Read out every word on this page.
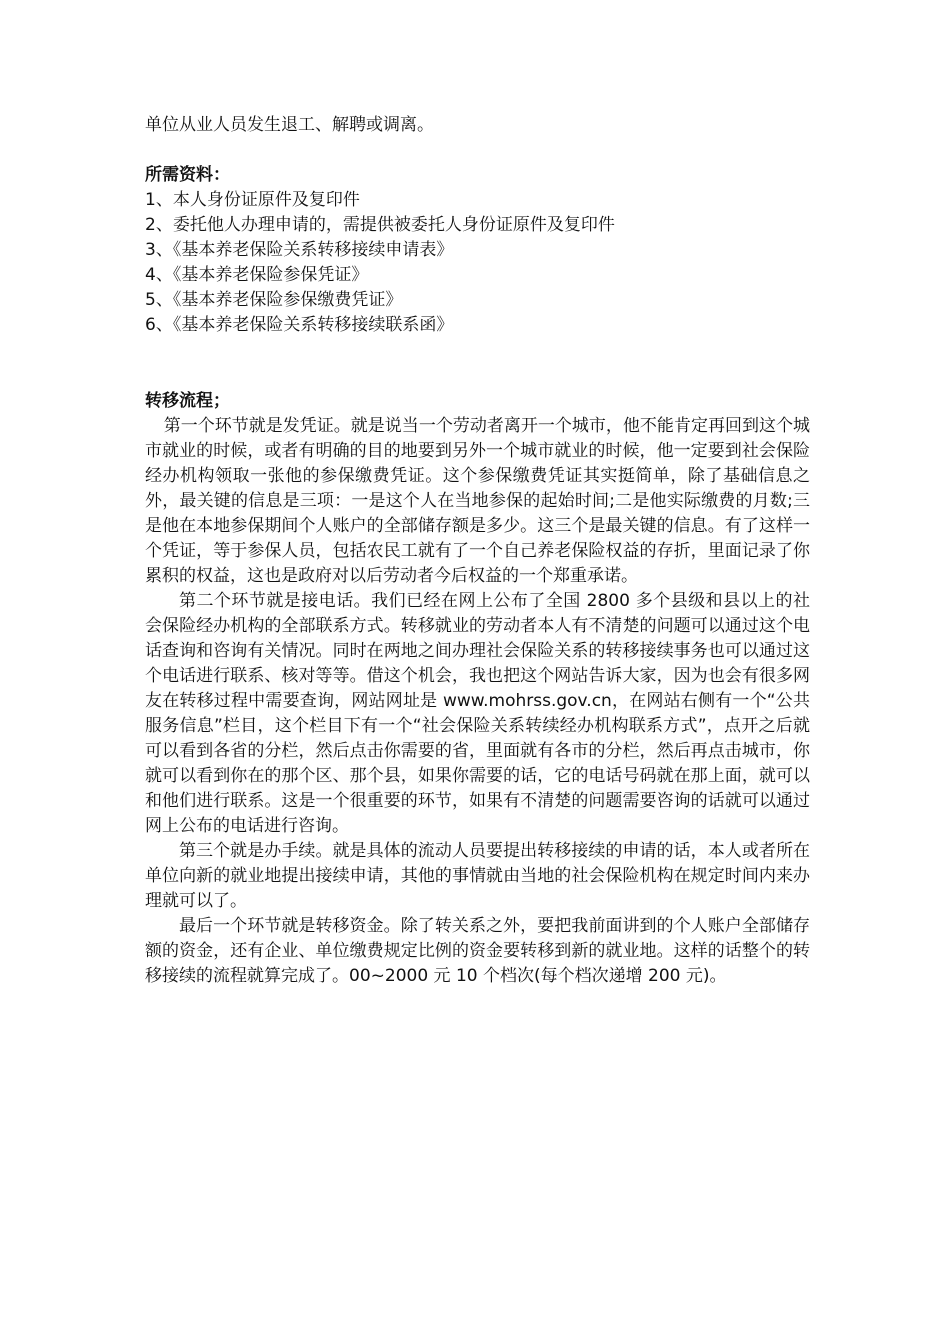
单位从业人员发生退工、解聘或调离。
所需资料：
1、本人身份证原件及复印件
2、委托他人办理申请的，需提供被委托人身份证原件及复印件
3、《基本养老保险关系转移接续申请表》
4、《基本养老保险参保凭证》
5、《基本养老保险参保缴费凭证》
6、《基本养老保险关系转移接续联系函》
转移流程；

第一个环节就是发凭证。就是说当一个劳动者离开一个城市，他不能肯定再回到这个城市就业的时候，或者有明确的目的地要到另外一个城市就业的时候，他一定要到社会保险经办机构领取一张他的参保缴费凭证。这个参保缴费凭证其实挺简单，除了基础信息之外，最关键的信息是三项：一是这个人在当地参保的起始时间;二是他实际缴费的月数;三是他在本地参保期间个人账户的全部储存额是多少。这三个是最关键的信息。有了这样一个凭证，等于参保人员，包括农民工就有了一个自己养老保险权益的存折，里面记录了你累积的权益，这也是政府对以后劳动者今后权益的一个郑重承诺。

第二个环节就是接电话。我们已经在网上公布了全国 2800 多个县级和县以上的社会保险经办机构的全部联系方式。转移就业的劳动者本人有不清楚的问题可以通过这个电话查询和咨询有关情况。同时在两地之间办理社会保险关系的转移接续事务也可以通过这个电话进行联系、核对等等。借这个机会，我也把这个网站告诉大家，因为也会有很多网友在转移过程中需要查询，网站网址是 www.mohrss.gov.cn，在网站右侧有一个“公共服务信息”栏目，这个栏目下有一个“社会保险关系转续经办机构联系方式”，点开之后就可以看到各省的分栏，然后点击你需要的省，里面就有各市的分栏，然后再点击城市，你就可以看到你在的那个区、那个县，如果你需要的话，它的电话号码就在那上面，就可以和他们进行联系。这是一个很重要的环节，如果有不清楚的问题需要咨询的话就可以通过网上公布的电话进行咨询。

第三个就是办手续。就是具体的流动人员要提出转移接续的申请的话，本人或者所在单位向新的就业地提出接续申请，其他的事情就由当地的社会保险机构在规定时间内来办理就可以了。

最后一个环节就是转移资金。除了转关系之外，要把我前面讲到的个人账户全部储存额的资金，还有企业、单位缴费规定比例的资金要转移到新的就业地。这样的话整个的转移接续的流程就算完成了。00~2000 元 10 个档次(每个档次递增 200 元)。
